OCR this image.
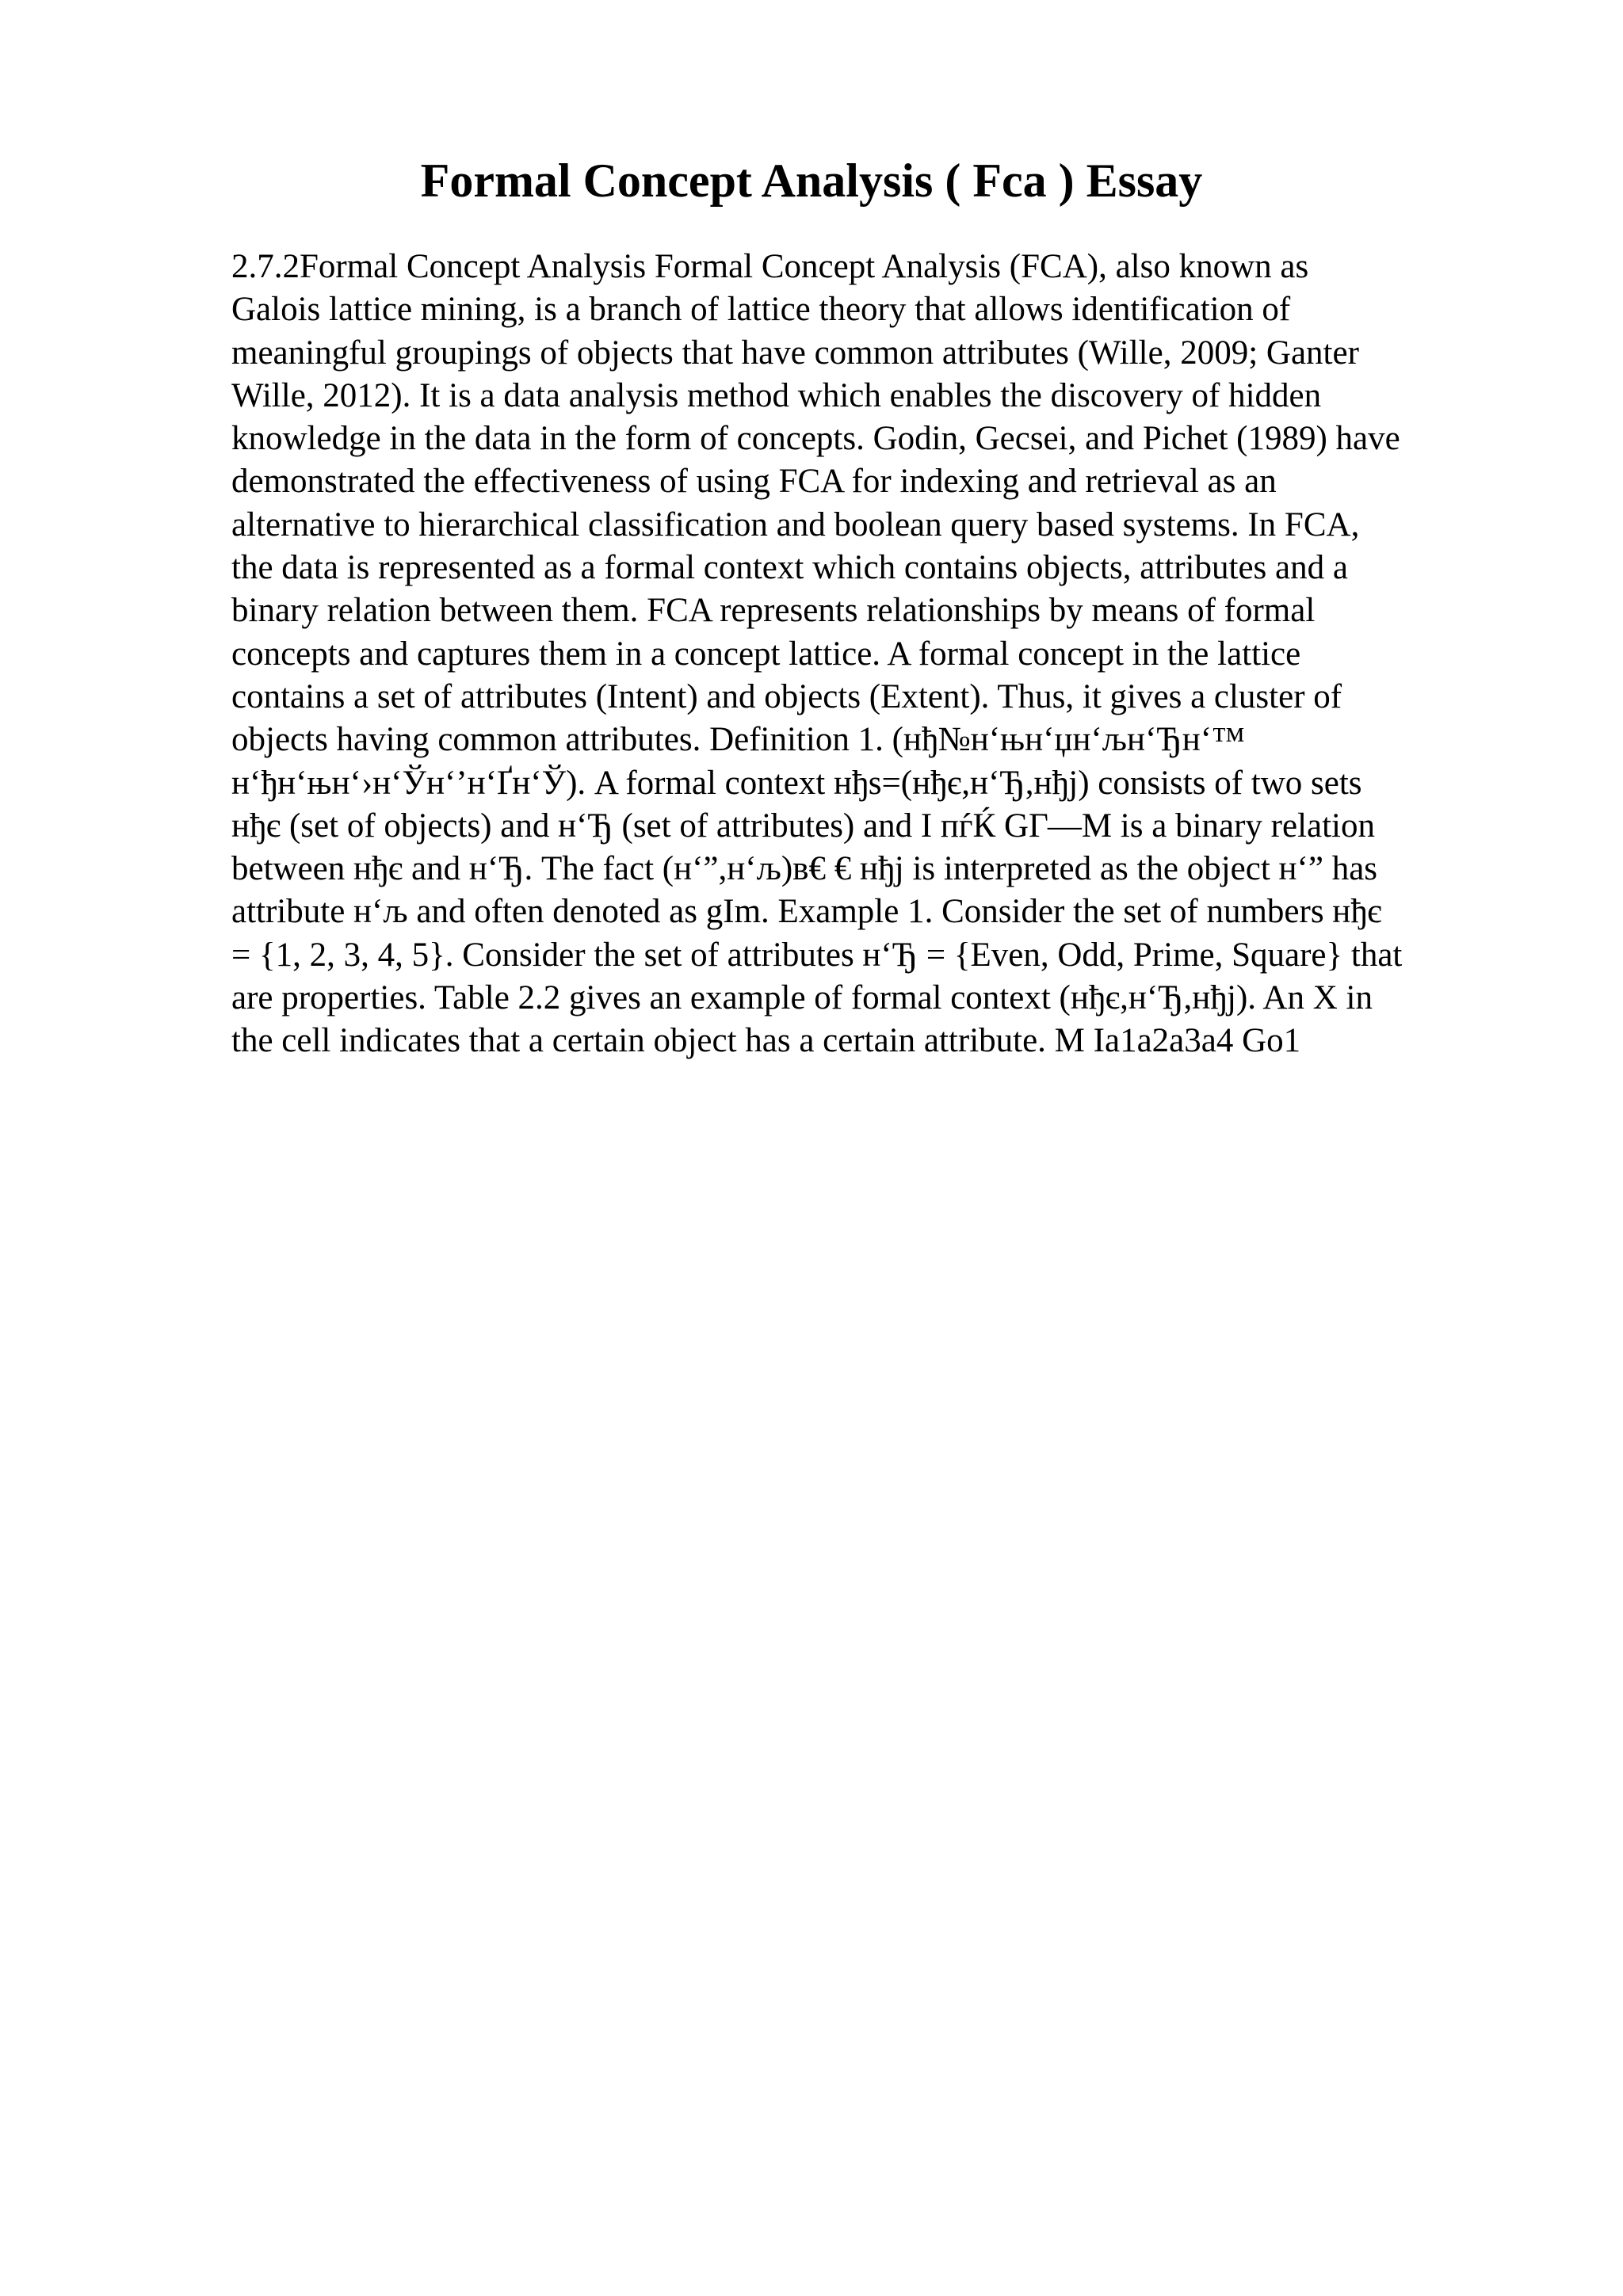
Formal Concept Analysis ( Fca ) Essay
2.7.2Formal Concept Analysis Formal Concept Analysis (FCA), also known as
Galois lattice mining, is a branch of lattice theory that allows identification of
meaningful groupings of objects that have common attributes (Wille, 2009; Ganter
Wille, 2012). It is a data analysis method which enables the discovery of hidden
knowledge in the data in the form of concepts. Godin, Gecsei, and Pichet (1989) have
demonstrated the effectiveness of using FCA for indexing and retrieval as an
alternative to hierarchical classification and boolean query based systems. In FCA,
the data is represented as a formal context which contains objects, attributes and a
binary relation between them. FCA represents relationships by means of formal
concepts and captures them in a concept lattice. A formal concept in the lattice
contains a set of attributes (Intent) and objects (Extent). Thus, it gives a cluster of
objects having common attributes. Definition 1. (нђ№н‘њн‘џн‘љн‘Ђн‘™
н‘ђн‘њн‘›н‘Ўн‘’н‘Ґн‘Ў). A formal context нђѕ=(нђє,н‘Ђ,нђј) consists of two sets
нђє (set of objects) and н‘Ђ (set of attributes) and I пѓЌ GГ—M is a binary relation
between нђє and н‘Ђ. The fact (н‘”,н‘љ)в€ € нђј is interpreted as the object н‘” has
attribute н‘љ and often denoted as gIm. Example 1. Consider the set of numbers нђє
= {1, 2, 3, 4, 5}. Consider the set of attributes н‘Ђ = {Even, Odd, Prime, Square} that
are properties. Table 2.2 gives an example of formal context (нђє,н‘Ђ,нђј). An X in
the cell indicates that a certain object has a certain attribute. M Ia1a2a3a4 Go1
